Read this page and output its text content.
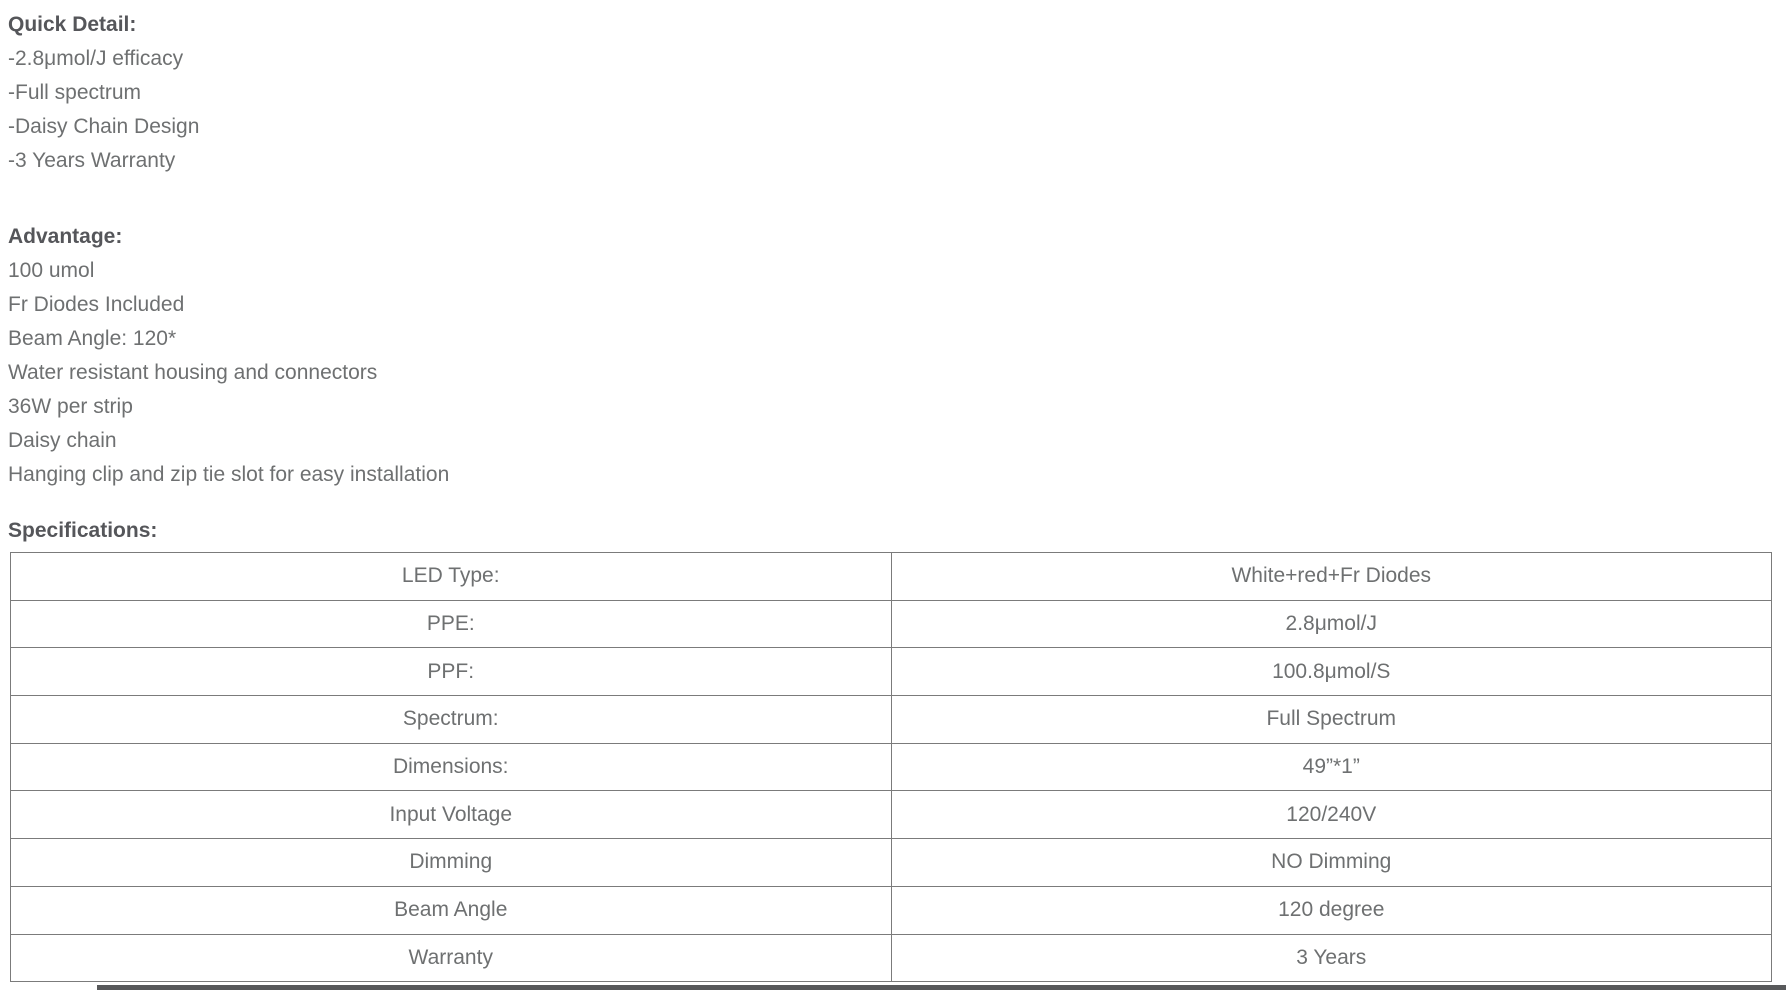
Quick Detail:
-2.8μmol/J efficacy
-Full spectrum
-Daisy Chain Design
-3 Years Warranty
Advantage:
100 umol
Fr Diodes Included
Beam Angle: 120*
Water resistant housing and connectors
36W per strip
Daisy chain
Hanging clip and zip tie slot for easy installation
Specifications:
LED Type:	White+red+Fr Diodes
PPE:	2.8μmol/J
PPF:	100.8μmol/S
Spectrum:	Full Spectrum
Dimensions:	49”*1”
Input Voltage	120/240V
Dimming	NO Dimming
Beam Angle	120 degree
Warranty	3 Years
